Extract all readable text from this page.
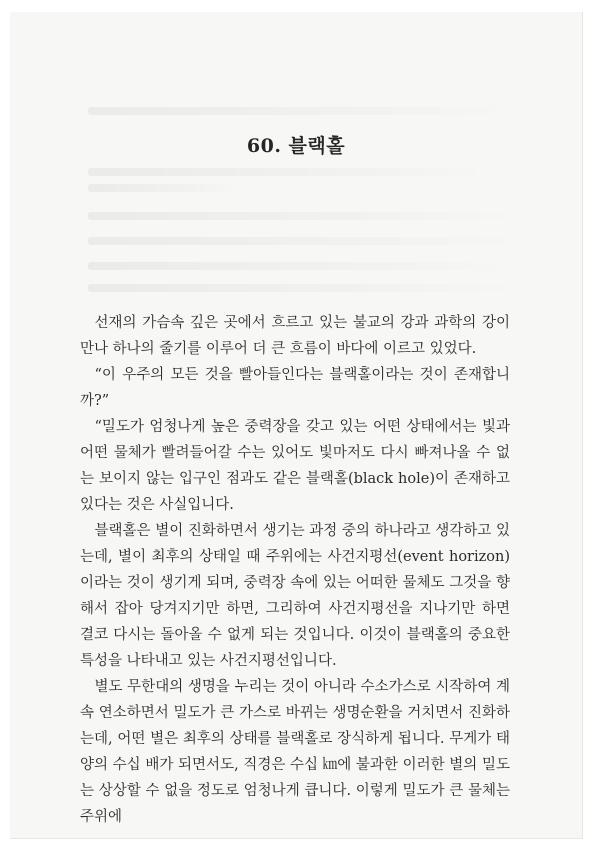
60. 블랙홀

선재의 가슴속 깊은 곳에서 흐르고 있는 불교의 강과 과학의 강이 만나 하나의 줄기를 이루어 더 큰 흐름이 바다에 이르고 있었다.

“이 우주의 모든 것을 빨아들인다는 블랙홀이라는 것이 존재합니까?”

“밀도가 엄청나게 높은 중력장을 갖고 있는 어떤 상태에서는 빛과 어떤 물체가 빨려들어갈 수는 있어도 빛마저도 다시 빠져나올 수 없는 보이지 않는 입구인 점과도 같은 블랙홀(black hole)이 존재하고 있다는 것은 사실입니다.

블랙홀은 별이 진화하면서 생기는 과정 중의 하나라고 생각하고 있는데, 별이 최후의 상태일 때 주위에는 사건지평선(event horizon)이라는 것이 생기게 되며, 중력장 속에 있는 어떠한 물체도 그것을 향해서 잡아 당겨지기만 하면, 그리하여 사건지평선을 지나기만 하면 결코 다시는 돌아올 수 없게 되는 것입니다. 이것이 블랙홀의 중요한 특성을 나타내고 있는 사건지평선입니다.

별도 무한대의 생명을 누리는 것이 아니라 수소가스로 시작하여 계속 연소하면서 밀도가 큰 가스로 바뀌는 생명순환을 거치면서 진화하는데, 어떤 별은 최후의 상태를 블랙홀로 장식하게 됩니다. 무게가 태양의 수십 배가 되면서도, 직경은 수십 ㎞에 불과한 이러한 별의 밀도는 상상할 수 없을 정도로 엄청나게 큽니다. 이렇게 밀도가 큰 물체는 주위에
